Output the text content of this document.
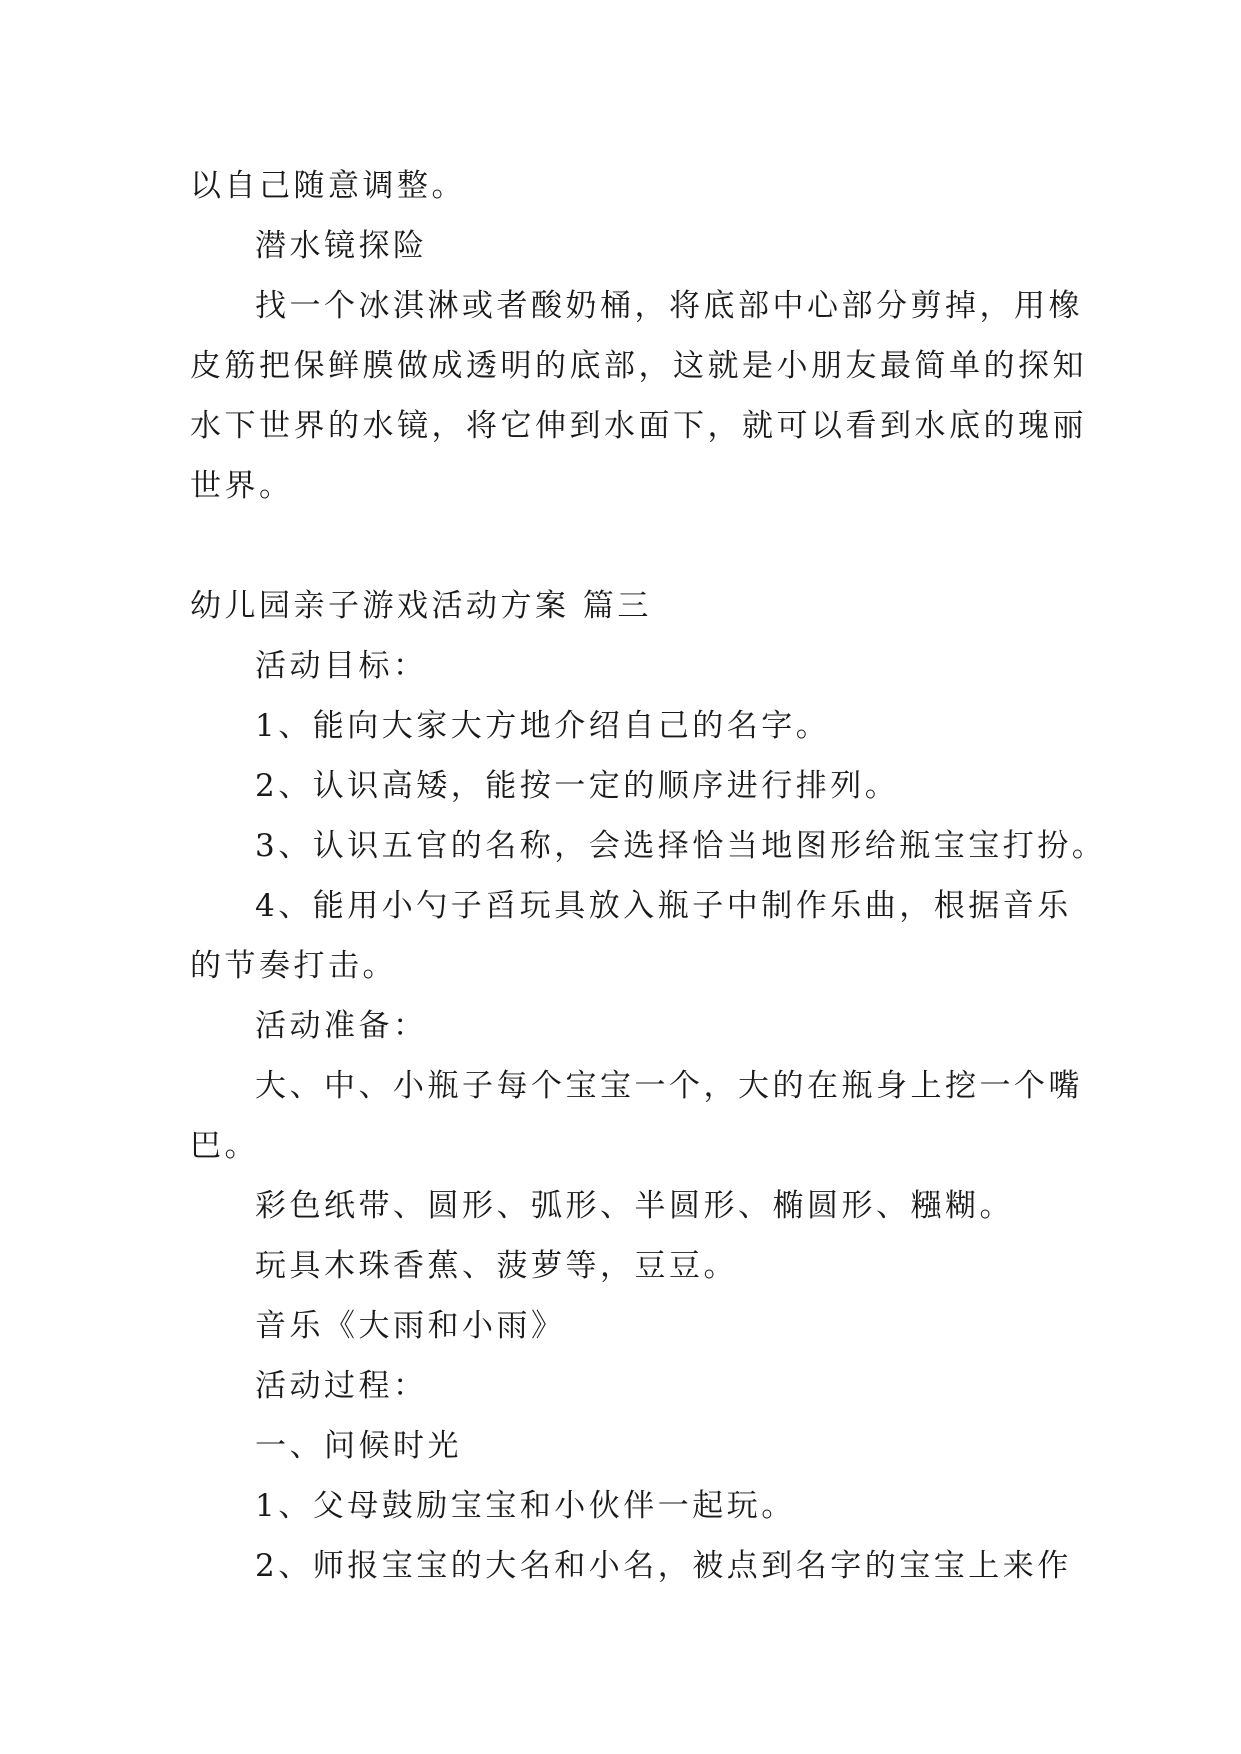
以自己随意调整。
潜水镜探险
找一个冰淇淋或者酸奶桶，将底部中心部分剪掉，用橡
皮筋把保鲜膜做成透明的底部，这就是小朋友最简单的探知
水下世界的水镜，将它伸到水面下，就可以看到水底的瑰丽
世界。
幼儿园亲子游戏活动方案 篇三
活动目标：
1、能向大家大方地介绍自己的名字。
2、认识高矮，能按一定的顺序进行排列。
3、认识五官的名称，会选择恰当地图形给瓶宝宝打扮。
4、能用小勺子舀玩具放入瓶子中制作乐曲，根据音乐
的节奏打击。
活动准备：
大、中、小瓶子每个宝宝一个，大的在瓶身上挖一个嘴
巴。
彩色纸带、圆形、弧形、半圆形、椭圆形、糨糊。
玩具木珠香蕉、菠萝等，豆豆。
音乐《大雨和小雨》
活动过程：
一、问候时光
1、父母鼓励宝宝和小伙伴一起玩。
2、师报宝宝的大名和小名，被点到名字的宝宝上来作
